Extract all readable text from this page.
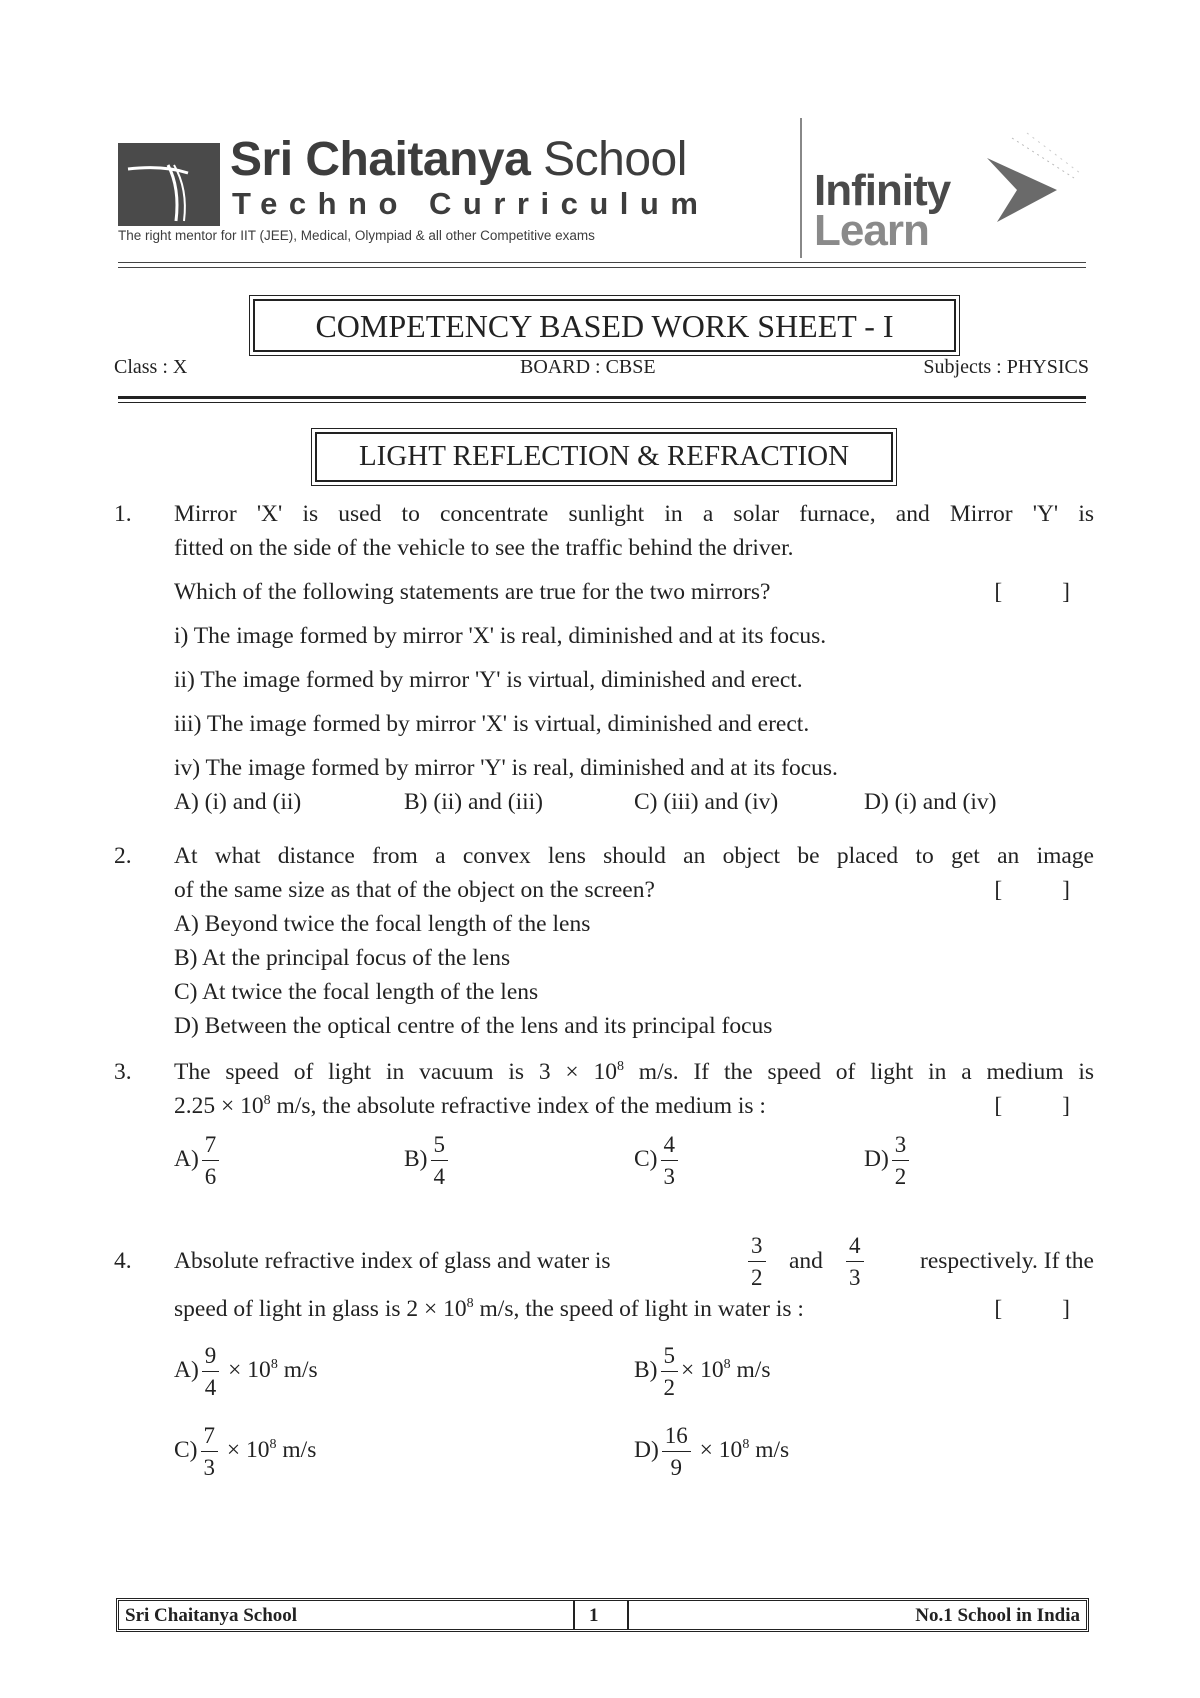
Sri Chaitanya School
Techno Curriculum
The right mentor for IIT (JEE), Medical, Olympiad & all other Competitive exams
Infinity
Learn
COMPETENCY BASED WORK SHEET - I
Class : X	BOARD : CBSE	Subjects : PHYSICS
LIGHT REFLECTION & REFRACTION
1. Mirror 'X' is used to concentrate sunlight in a solar furnace, and Mirror 'Y' is
fitted on the side of the vehicle to see the traffic behind the driver.
Which of the following statements are true for the two mirrors?	[	]
i) The image formed by mirror 'X' is real, diminished and at its focus.
ii) The image formed by mirror 'Y' is virtual, diminished and erect.
iii) The image formed by mirror 'X' is virtual, diminished and erect.
iv) The image formed by mirror 'Y' is real, diminished and at its focus.
A) (i) and (ii)	B) (ii) and (iii)	C) (iii) and (iv)	D) (i) and (iv)
2. At what distance from a convex lens should an object be placed to get an image
of the same size as that of the object on the screen?	[	]
A) Beyond twice the focal length of the lens
B) At the principal focus of the lens
C) At twice the focal length of the lens
D) Between the optical centre of the lens and its principal focus
3. The speed of light in vacuum is $3 \times 10^8$ m/s. If the speed of light in a medium is
$2.25 \times 10^8$ m/s, the absolute refractive index of the medium is :	[	]
$A) \frac{7}{6}$	$B) \frac{5}{4}$	$C) \frac{4}{3}$	$D) \frac{3}{2}$
4. Absolute refractive index of glass and water is	$\frac{3}{2}$ and $\frac{4}{3}$ respectively. If the
speed of light in glass is $2 \times 10^8$ m/s, the speed of light in water is :	[	]
$A) \frac{9}{4} \times 10^8$ m/s	$B) \frac{5}{2} \times 10^8$ m/s
$C) \frac{7}{3} \times 10^8$ m/s	$D) \frac{16}{9} \times 10^8$ m/s
Sri Chaitanya School	1	No.1 School in India
